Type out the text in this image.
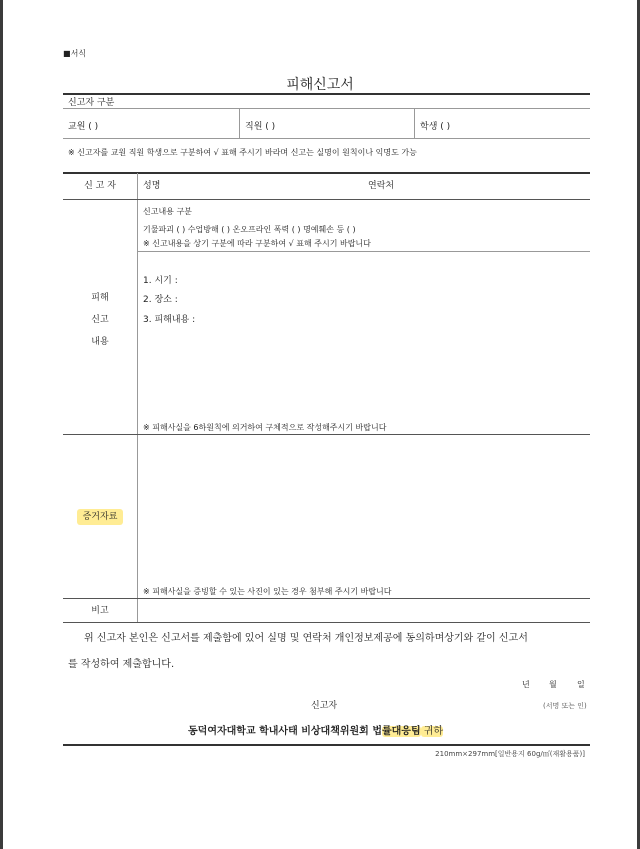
■서식
피해신고서
신고자 구분
교원 ( )	직원 ( )	학생 ( )
※ 신고자를 교원 직원 학생으로 구분하여 √ 표해 주시기 바라며 신고는 실명이 원칙이나 익명도 가능
신 고 자	성명	연락처
피해
신고
내용
신고내용 구분
기물파괴 ( ) 수업방해 ( ) 온오프라인 폭력 ( ) 명예훼손 등 ( )
※ 신고내용을 상기 구분에 따라 구분하여 √ 표해 주시기 바랍니다
1. 시기 :
2. 장소 :
3. 피해내용 :
※ 피해사실을 6하원칙에 의거하여 구체적으로 작성해주시기 바랍니다
증거자료
※ 피해사실을 증빙할 수 있는 사진이 있는 경우 첨부해 주시기 바랍니다
비고
위 신고자 본인은 신고서를 제출함에 있어 실명 및 연락처 개인정보제공에 동의하며상기와 같이 신고서
를 작성하여 제출합니다.
년 월	일
신고자	(서명 또는 인)
동덕여자대학교 학내사태 비상대책위원회 법률대응팀 귀하
210mm×297mm[일반용지 60g/㎡(재활용품)]
